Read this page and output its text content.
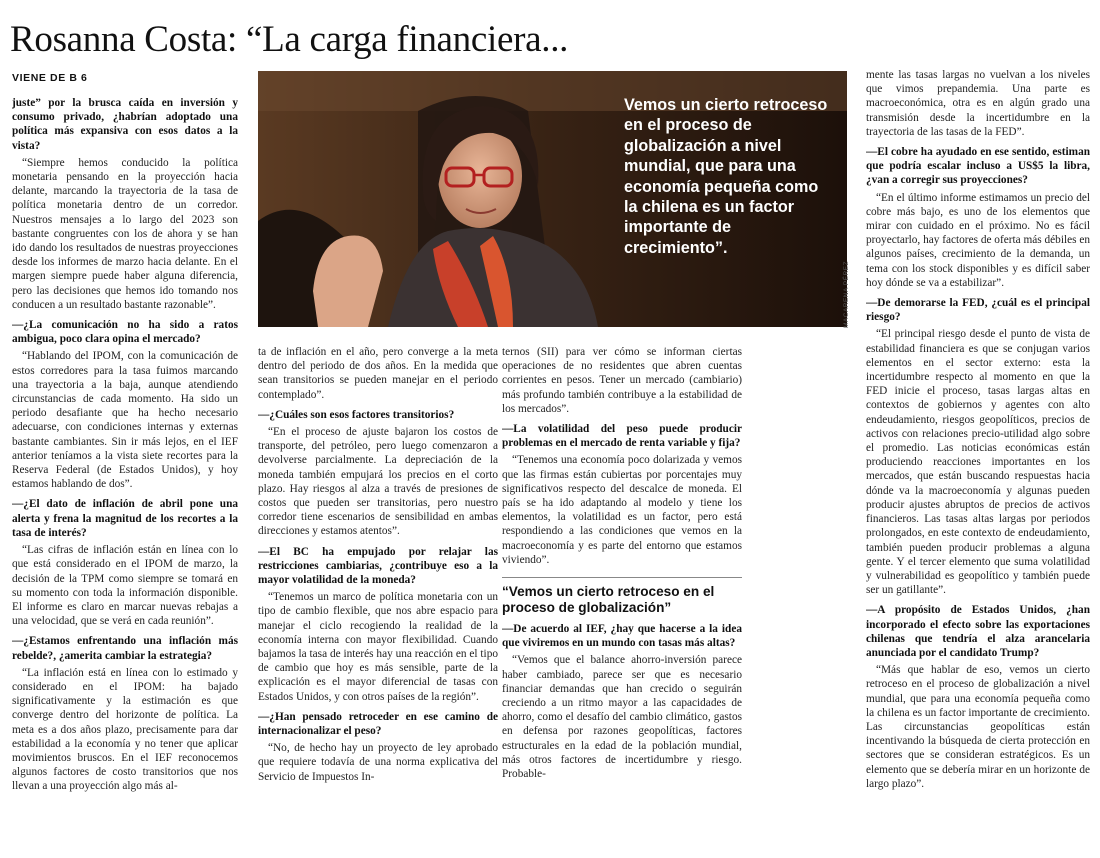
Rosanna Costa: “La carga financiera...
VIENE DE B 6

juste” por la brusca caída en inversión y consumo privado, ¿habrían adoptado una política más expansiva con esos datos a la vista?

“Siempre hemos conducido la política monetaria pensando en la proyección hacia delante, marcando la trayectoria de la tasa de política monetaria dentro de un corredor. Nuestros mensajes a lo largo del 2023 son bastante congruentes con los de ahora y se han ido dando los resultados de nuestras proyecciones desde los informes de marzo hacia delante. En el margen siempre puede haber alguna diferencia, pero las decisiones que hemos ido tomando nos conducen a un resultado bastante razonable”.

—¿La comunicación no ha sido a ratos ambigua, poco clara opina el mercado?

“Hablando del IPOM, con la comunicación de estos corredores para la tasa fuimos marcando una trayectoria a la baja, aunque atendiendo circunstancias de cada momento. Ha sido un periodo desafiante que ha hecho necesario adecuarse, con condiciones internas y externas bastante cambiantes. Sin ir más lejos, en el IEF anterior teníamos a la vista siete recortes para la Reserva Federal (de Estados Unidos), y hoy estamos hablando de dos”.

—¿El dato de inflación de abril pone una alerta y frena la magnitud de los recortes a la tasa de interés?

“Las cifras de inflación están en línea con lo que está considerado en el IPOM de marzo, la decisión de la TPM como siempre se tomará en su momento con toda la información disponible. El informe es claro en marcar nuevas rebajas a una velocidad, que se verá en cada reunión”.

—¿Estamos enfrentando una inflación más rebelde?, ¿amerita cambiar la estrategia?

“La inflación está en línea con lo estimado y considerado en el IPOM: ha bajado significativamente y la estimación es que converge dentro del horizonte de política. La meta es a dos años plazo, precisamente para dar estabilidad a la economía y no tener que aplicar movimientos bruscos. En el IEF reconocemos algunos factores de costo transitorios que nos llevan a una proyección algo más al-

Vemos un cierto retroceso en el proceso de globalización a nivel mundial, que para una economía pequeña como la chilena es un factor importante de crecimiento”.
MACARENA PÉREZ

ta de inflación en el año, pero converge a la meta dentro del periodo de dos años. En la medida que sean transitorios se pueden manejar en el periodo contemplado”.

—¿Cuáles son esos factores transitorios?

“En el proceso de ajuste bajaron los costos de transporte, del petróleo, pero luego comenzaron a devolverse parcialmente. La depreciación de la moneda también empujará los precios en el corto plazo. Hay riesgos al alza a través de presiones de costos que pueden ser transitorias, pero nuestro corredor tiene escenarios de sensibilidad en ambas direcciones y estamos atentos”.

—El BC ha empujado por relajar las restricciones cambiarias, ¿contribuye eso a la mayor volatilidad de la moneda?

“Tenemos un marco de política monetaria con un tipo de cambio flexible, que nos abre espacio para manejar el ciclo recogiendo la realidad de la economía interna con mayor flexibilidad. Cuando bajamos la tasa de interés hay una reacción en el tipo de cambio que hoy es más sensible, parte de la explicación es el mayor diferencial de tasas con Estados Unidos, y con otros países de la región”.

—¿Han pensado retroceder en ese camino de internacionalizar el peso?

“No, de hecho hay un proyecto de ley aprobado que requiere todavía de una norma explicativa del Servicio de Impuestos In-

ternos (SII) para ver cómo se informan ciertas operaciones de no residentes que abren cuentas corrientes en pesos. Tener un mercado (cambiario) más profundo también contribuye a la estabilidad de los mercados”.

—La volatilidad del peso puede producir problemas en el mercado de renta variable y fija?

“Tenemos una economía poco dolarizada y vemos que las firmas están cubiertas por porcentajes muy significativos respecto del descalce de moneda. El país se ha ido adaptando al modelo y tiene los elementos, la volatilidad es un factor, pero está respondiendo a las condiciones que vemos en la macroeconomía y es parte del entorno que estamos viviendo”.

“Vemos un cierto retroceso en el proceso de globalización”

—De acuerdo al IEF, ¿hay que hacerse a la idea que viviremos en un mundo con tasas más altas?

“Vemos que el balance ahorro-inversión parece haber cambiado, parece ser que es necesario financiar demandas que han crecido o seguirán creciendo a un ritmo mayor a las capacidades de ahorro, como el desafío del cambio climático, gastos en defensa por razones geopolíticas, factores estructurales en la edad de la población mundial, más otros factores de incertidumbre y riesgo. Probable-

mente las tasas largas no vuelvan a los niveles que vimos prepandemia. Una parte es macroeconómica, otra es en algún grado una transmisión desde la incertidumbre en la trayectoria de las tasas de la FED”.

—El cobre ha ayudado en ese sentido, estiman que podría escalar incluso a US$5 la libra, ¿van a corregir sus proyecciones?

“En el último informe estimamos un precio del cobre más bajo, es uno de los elementos que mirar con cuidado en el próximo. No es fácil proyectarlo, hay factores de oferta más débiles en algunos países, crecimiento de la demanda, un tema con los stock disponibles y es difícil saber hoy dónde se va a estabilizar”.

—De demorarse la FED, ¿cuál es el principal riesgo?

“El principal riesgo desde el punto de vista de estabilidad financiera es que se conjugan varios elementos en el sector externo: esta la incertidumbre respecto al momento en que la FED inicie el proceso, tasas largas altas en contextos de gobiernos y agentes con alto endeudamiento, riesgos geopolíticos, precios de activos con relaciones precio-utilidad algo sobre el promedio. Las noticias económicas están produciendo reacciones importantes en los mercados, que están buscando respuestas hacia dónde va la macroeconomía y algunas pueden producir ajustes abruptos de precios de activos financieros. Las tasas altas largas por periodos prolongados, en este contexto de endeudamiento, también pueden producir problemas a alguna gente. Y el tercer elemento que suma volatilidad y vulnerabilidad es geopolítico y también puede ser un gatillante”.

—A propósito de Estados Unidos, ¿han incorporado el efecto sobre las exportaciones chilenas que tendría el alza arancelaria anunciada por el candidato Trump?

“Más que hablar de eso, vemos un cierto retroceso en el proceso de globalización a nivel mundial, que para una economía pequeña como la chilena es un factor importante de crecimiento. Las circunstancias geopolíticas están incentivando la búsqueda de cierta protección en sectores que se consideran estratégicos. Es un elemento que se debería mirar en un horizonte de largo plazo”.
